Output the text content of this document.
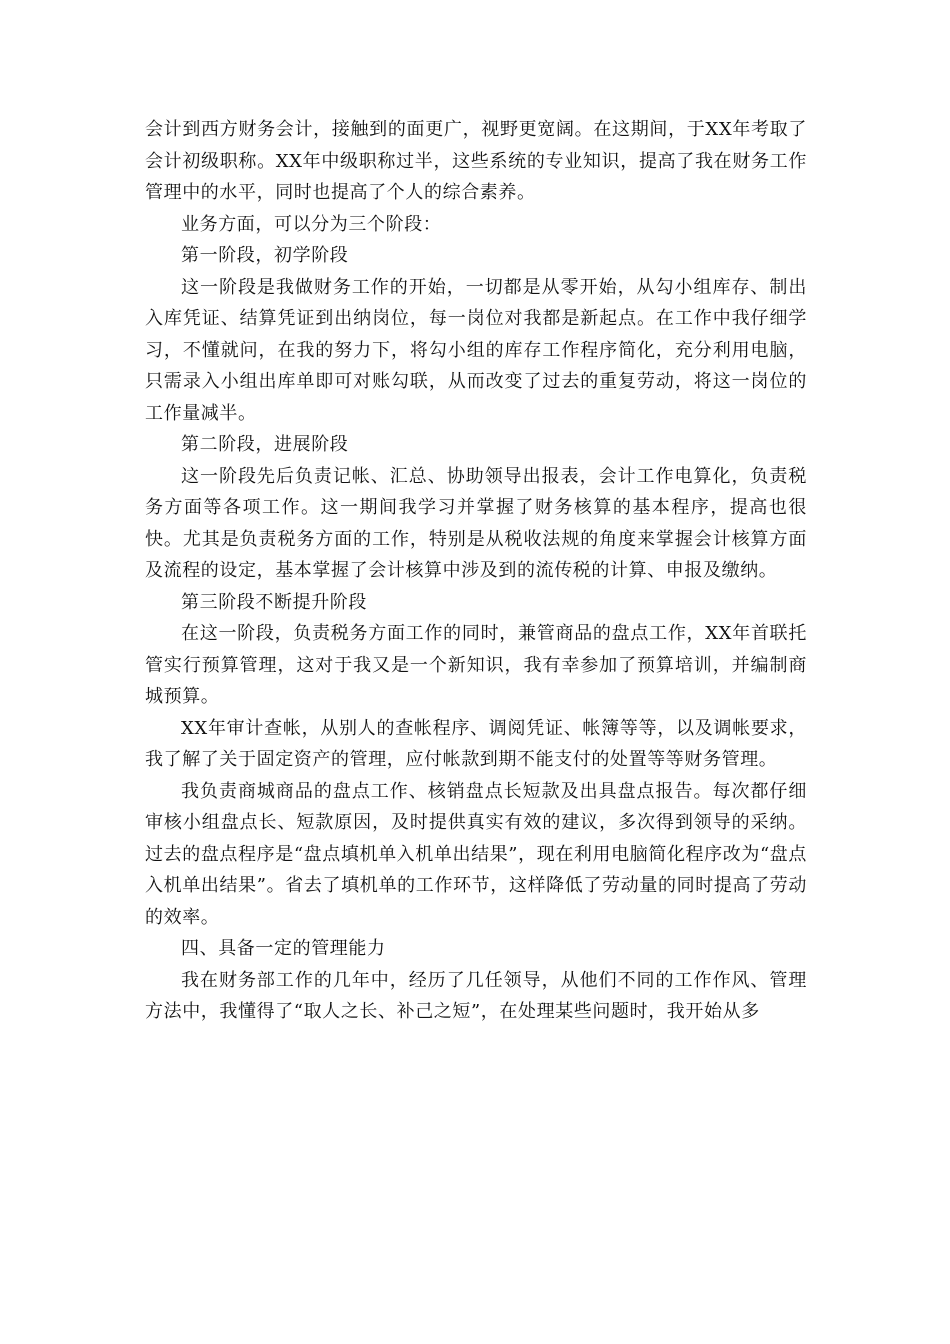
会计到西方财务会计，接触到的面更广，视野更宽阔。在这期间，于XX年考取了会计初级职称。XX年中级职称过半，这些系统的专业知识，提高了我在财务工作管理中的水平，同时也提高了个人的综合素养。

业务方面，可以分为三个阶段：

第一阶段，初学阶段

这一阶段是我做财务工作的开始，一切都是从零开始，从勾小组库存、制出入库凭证、结算凭证到出纳岗位，每一岗位对我都是新起点。在工作中我仔细学习，不懂就问，在我的努力下，将勾小组的库存工作程序简化，充分利用电脑，只需录入小组出库单即可对账勾联，从而改变了过去的重复劳动，将这一岗位的工作量减半。

第二阶段，进展阶段

这一阶段先后负责记帐、汇总、协助领导出报表，会计工作电算化，负责税务方面等各项工作。这一期间我学习并掌握了财务核算的基本程序，提高也很快。尤其是负责税务方面的工作，特别是从税收法规的角度来掌握会计核算方面及流程的设定，基本掌握了会计核算中涉及到的流传税的计算、申报及缴纳。

第三阶段不断提升阶段

在这一阶段，负责税务方面工作的同时，兼管商品的盘点工作，XX年首联托管实行预算管理，这对于我又是一个新知识，我有幸参加了预算培训，并编制商城预算。

XX年审计查帐，从别人的查帐程序、调阅凭证、帐簿等等，以及调帐要求，我了解了关于固定资产的管理，应付帐款到期不能支付的处置等等财务管理。

我负责商城商品的盘点工作、核销盘点长短款及出具盘点报告。每次都仔细审核小组盘点长、短款原因，及时提供真实有效的建议，多次得到领导的采纳。过去的盘点程序是“盘点填机单入机单出结果”，现在利用电脑简化程序改为“盘点入机单出结果”。省去了填机单的工作环节，这样降低了劳动量的同时提高了劳动的效率。

四、具备一定的管理能力

我在财务部工作的几年中，经历了几任领导，从他们不同的工作作风、管理方法中，我懂得了“取人之长、补己之短”，在处理某些问题时，我开始从多
